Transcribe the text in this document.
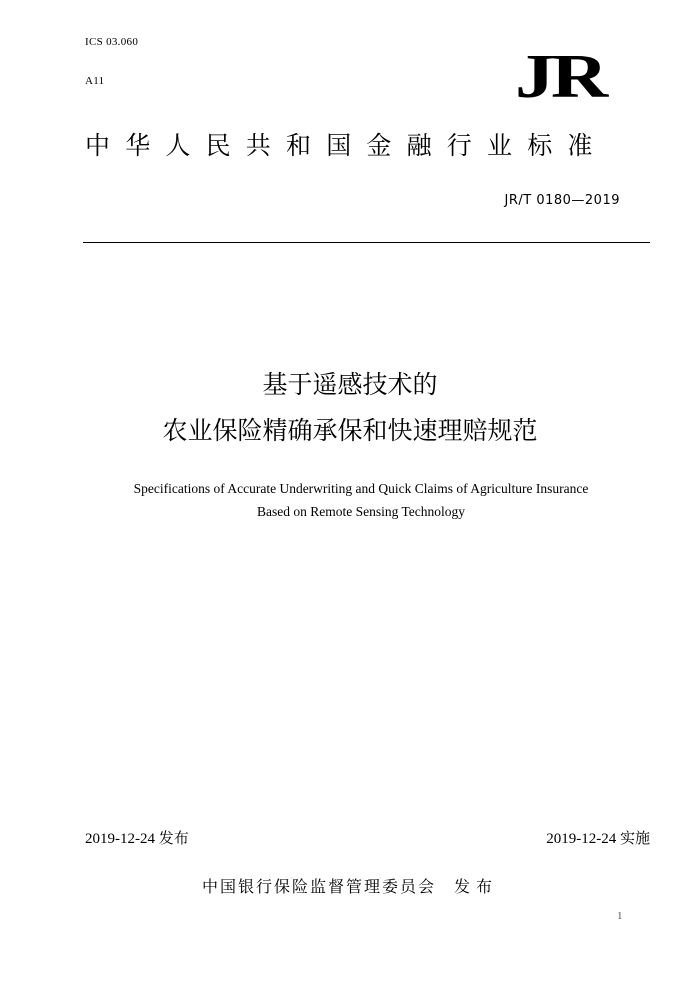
ICS 03.060
A11	JR
中华人民共和国金融行业标准
JR/T 0180—2019
基于遥感技术的
农业保险精确承保和快速理赔规范
Specifications of Accurate Underwriting and Quick Claims of Agriculture Insurance
Based on Remote Sensing Technology
2019-12-24 发布	2019-12-24 实施
中国银行保险监督管理委员会 发布
1
